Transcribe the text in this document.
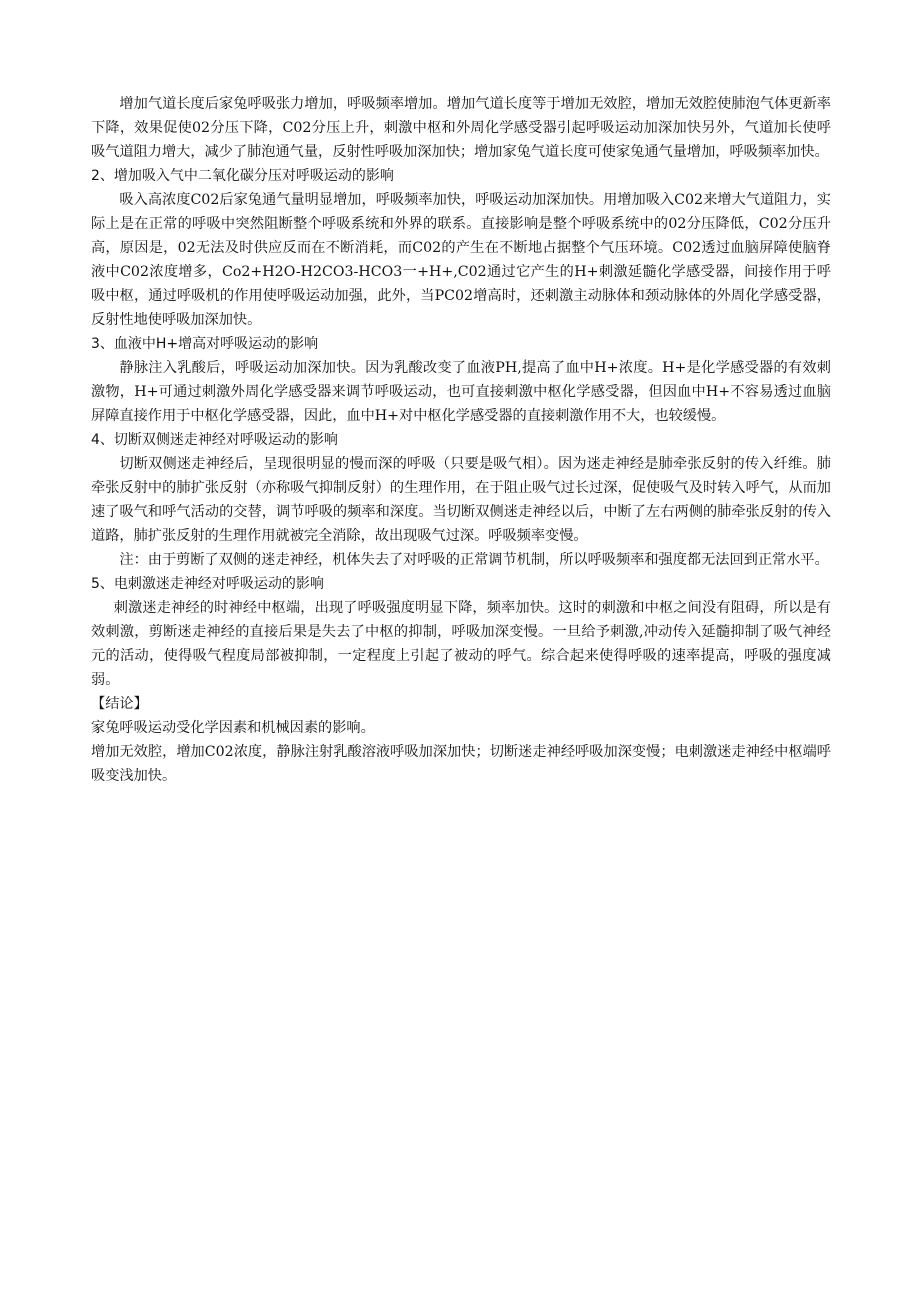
增加气道长度后家兔呼吸张力增加，呼吸频率增加。增加气道长度等于增加无效腔，增加无效腔使肺泡气体更新率下降，效果促使02分压下降，C02分压上升，刺激中枢和外周化学感受器引起呼吸运动加深加快另外，气道加长使呼吸气道阻力增大，减少了肺泡通气量，反射性呼吸加深加快；增加家兔气道长度可使家兔通气量增加，呼吸频率加快。

2、增加吸入气中二氧化碳分压对呼吸运动的影响

吸入高浓度C02后家兔通气量明显增加，呼吸频率加快，呼吸运动加深加快。用增加吸入C02来增大气道阻力，实际上是在正常的呼吸中突然阻断整个呼吸系统和外界的联系。直接影响是整个呼吸系统中的02分压降低，C02分压升高，原因是，02无法及时供应反而在不断消耗，而C02的产生在不断地占据整个气压环境。C02透过血脑屏障使脑脊液中C02浓度增多，Co2+H2O-H2CO3-HCO3一+H+,C02通过它产生的H+刺激延髓化学感受器，间接作用于呼吸中枢，通过呼吸机的作用使呼吸运动加强，此外，当PC02增高时，还刺激主动脉体和颈动脉体的外周化学感受器，反射性地使呼吸加深加快。

3、血液中H+增高对呼吸运动的影响

静脉注入乳酸后，呼吸运动加深加快。因为乳酸改变了血液PH,提高了血中H+浓度。H+是化学感受器的有效刺激物，H+可通过刺激外周化学感受器来调节呼吸运动，也可直接刺激中枢化学感受器，但因血中H+不容易透过血脑屏障直接作用于中枢化学感受器，因此，血中H+对中枢化学感受器的直接刺激作用不大，也较缓慢。

4、切断双侧迷走神经对呼吸运动的影响

切断双侧迷走神经后，呈现很明显的慢而深的呼吸（只要是吸气相）。因为迷走神经是肺牵张反射的传入纤维。肺牵张反射中的肺扩张反射（亦称吸气抑制反射）的生理作用，在于阻止吸气过长过深，促使吸气及时转入呼气，从而加速了吸气和呼气活动的交替，调节呼吸的频率和深度。当切断双侧迷走神经以后，中断了左右两侧的肺牵张反射的传入道路，肺扩张反射的生理作用就被完全消除，故出现吸气过深。呼吸频率变慢。

注：由于剪断了双侧的迷走神经，机体失去了对呼吸的正常调节机制，所以呼吸频率和强度都无法回到正常水平。

5、电刺激迷走神经对呼吸运动的影响

刺激迷走神经的时神经中枢端，出现了呼吸强度明显下降，频率加快。这时的刺激和中枢之间没有阻碍，所以是有效刺激，剪断迷走神经的直接后果是失去了中枢的抑制，呼吸加深变慢。一旦给予刺激,冲动传入延髓抑制了吸气神经元的活动，使得吸气程度局部被抑制，一定程度上引起了被动的呼气。综合起来使得呼吸的速率提高，呼吸的强度减弱。

【结论】

家兔呼吸运动受化学因素和机械因素的影响。

增加无效腔，增加C02浓度，静脉注射乳酸溶液呼吸加深加快；切断迷走神经呼吸加深变慢；电刺激迷走神经中枢端呼吸变浅加快。
